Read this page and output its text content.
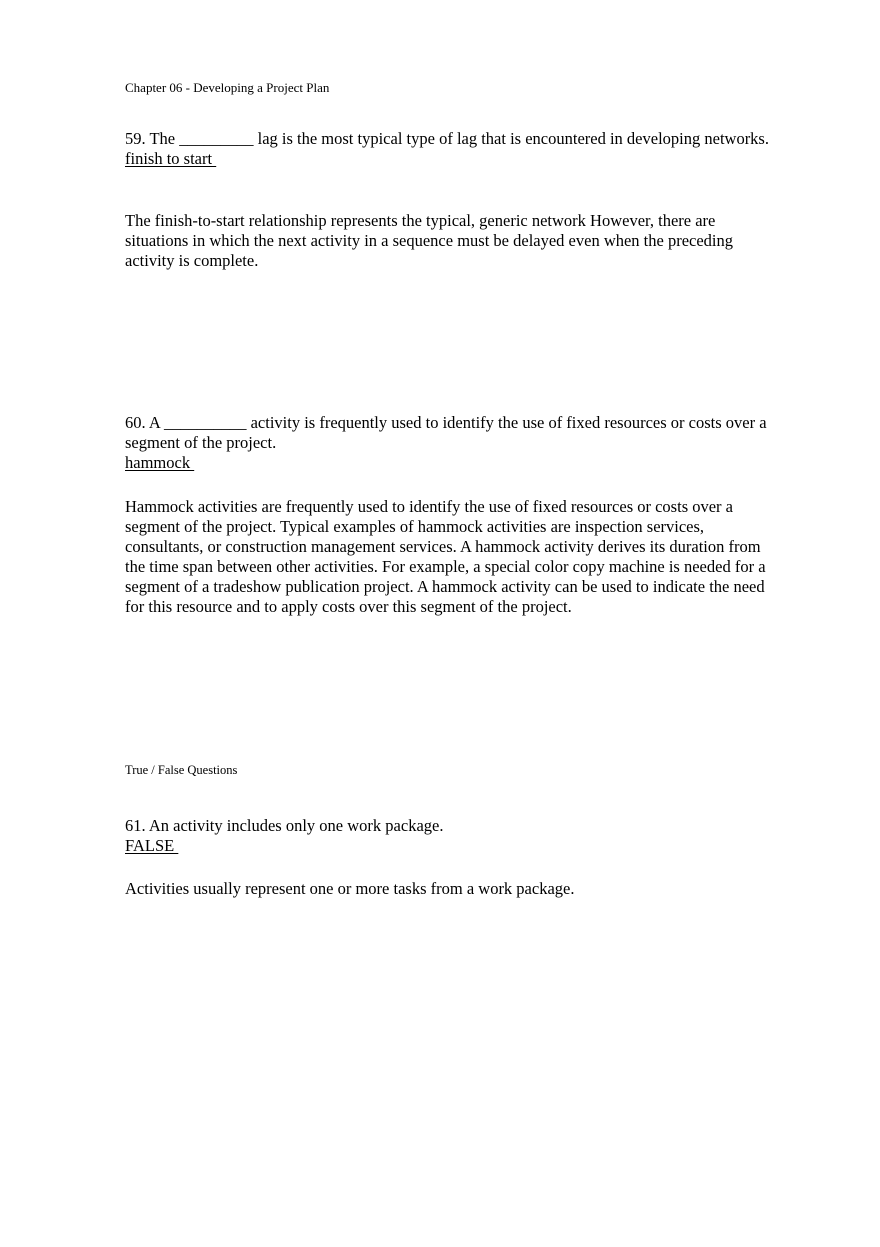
Chapter 06 - Developing a Project Plan

59. The _________ lag is the most typical type of lag that is encountered in developing networks.

finish to start

The finish-to-start relationship represents the typical, generic network However, there are situations in which the next activity in a sequence must be delayed even when the preceding activity is complete.

60. A __________ activity is frequently used to identify the use of fixed resources or costs over a segment of the project.

hammock

Hammock activities are frequently used to identify the use of fixed resources or costs over a segment of the project. Typical examples of hammock activities are inspection services, consultants, or construction management services. A hammock activity derives its duration from the time span between other activities. For example, a special color copy machine is needed for a segment of a tradeshow publication project. A hammock activity can be used to indicate the need for this resource and to apply costs over this segment of the project.

True / False Questions

61. An activity includes only one work package.

FALSE

Activities usually represent one or more tasks from a work package.
